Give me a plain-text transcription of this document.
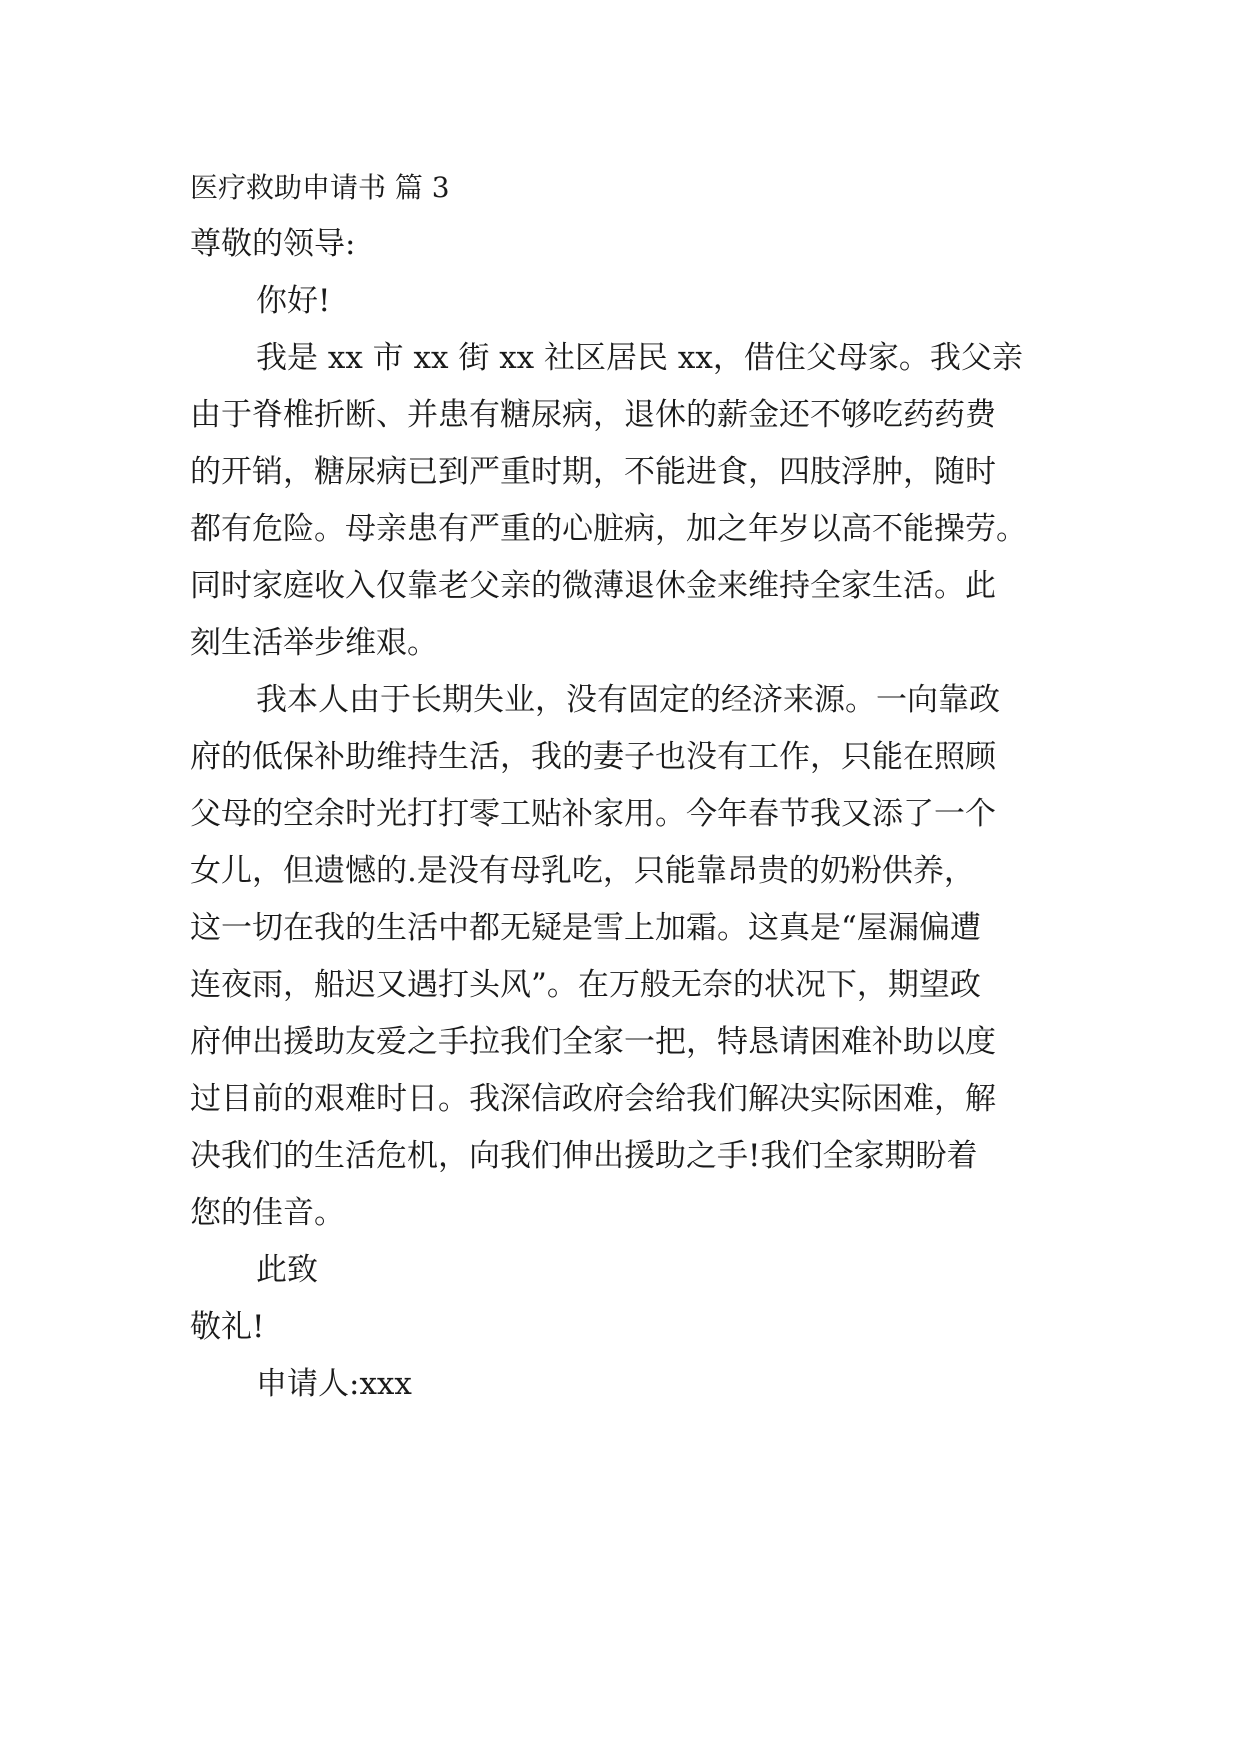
医疗救助申请书 篇 3

尊敬的领导:

你好!

我是 xx 市 xx 街 xx 社区居民 xx，借住父母家。我父亲

由于脊椎折断、并患有糖尿病，退休的薪金还不够吃药药费

的开销，糖尿病已到严重时期，不能进食，四肢浮肿，随时

都有危险。母亲患有严重的心脏病，加之年岁以高不能操劳。

同时家庭收入仅靠老父亲的微薄退休金来维持全家生活。此

刻生活举步维艰。

我本人由于长期失业，没有固定的经济来源。一向靠政

府的低保补助维持生活，我的妻子也没有工作，只能在照顾

父母的空余时光打打零工贴补家用。今年春节我又添了一个

女儿，但遗憾的.是没有母乳吃，只能靠昂贵的奶粉供养，

这一切在我的生活中都无疑是雪上加霜。这真是“屋漏偏遭

连夜雨，船迟又遇打头风”。在万般无奈的状况下，期望政

府伸出援助友爱之手拉我们全家一把，特恳请困难补助以度

过目前的艰难时日。我深信政府会给我们解决实际困难，解

决我们的生活危机，向我们伸出援助之手!我们全家期盼着

您的佳音。

此致

敬礼!

申请人:xxx
